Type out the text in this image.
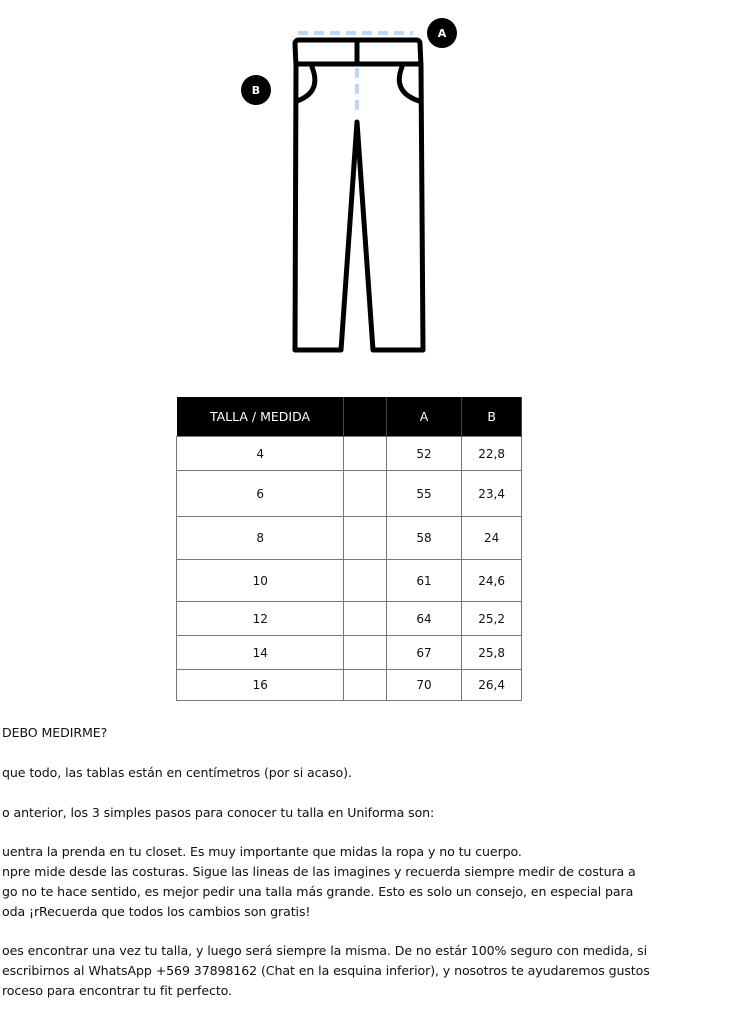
A
B
TALLA / MEDIDA		A	B
4		52	22,8
6		55	23,4
8		58	24
10		61	24,6
12		64	25,2
14		67	25,8
16		70	26,4
DEBO MEDIRME?
que todo, las tablas están en centímetros (por si acaso).
o anterior, los 3 simples pasos para conocer tu talla en Uniforma son:
uentra la prenda en tu closet. Es muy importante que midas la ropa y no tu cuerpo.
npre mide desde las costuras. Sigue las lineas de las imagines y recuerda siempre medir de costura a
go no te hace sentido, es mejor pedir una talla más grande. Esto es solo un consejo, en especial para
oda ¡rRecuerda que todos los cambios son gratis!
oes encontrar una vez tu talla, y luego será siempre la misma. De no estár 100% seguro con medida, si
escribirnos al WhatsApp +569 37898162 (Chat en la esquina inferior), y nosotros te ayudaremos gustos
roceso para encontrar tu fit perfecto.
